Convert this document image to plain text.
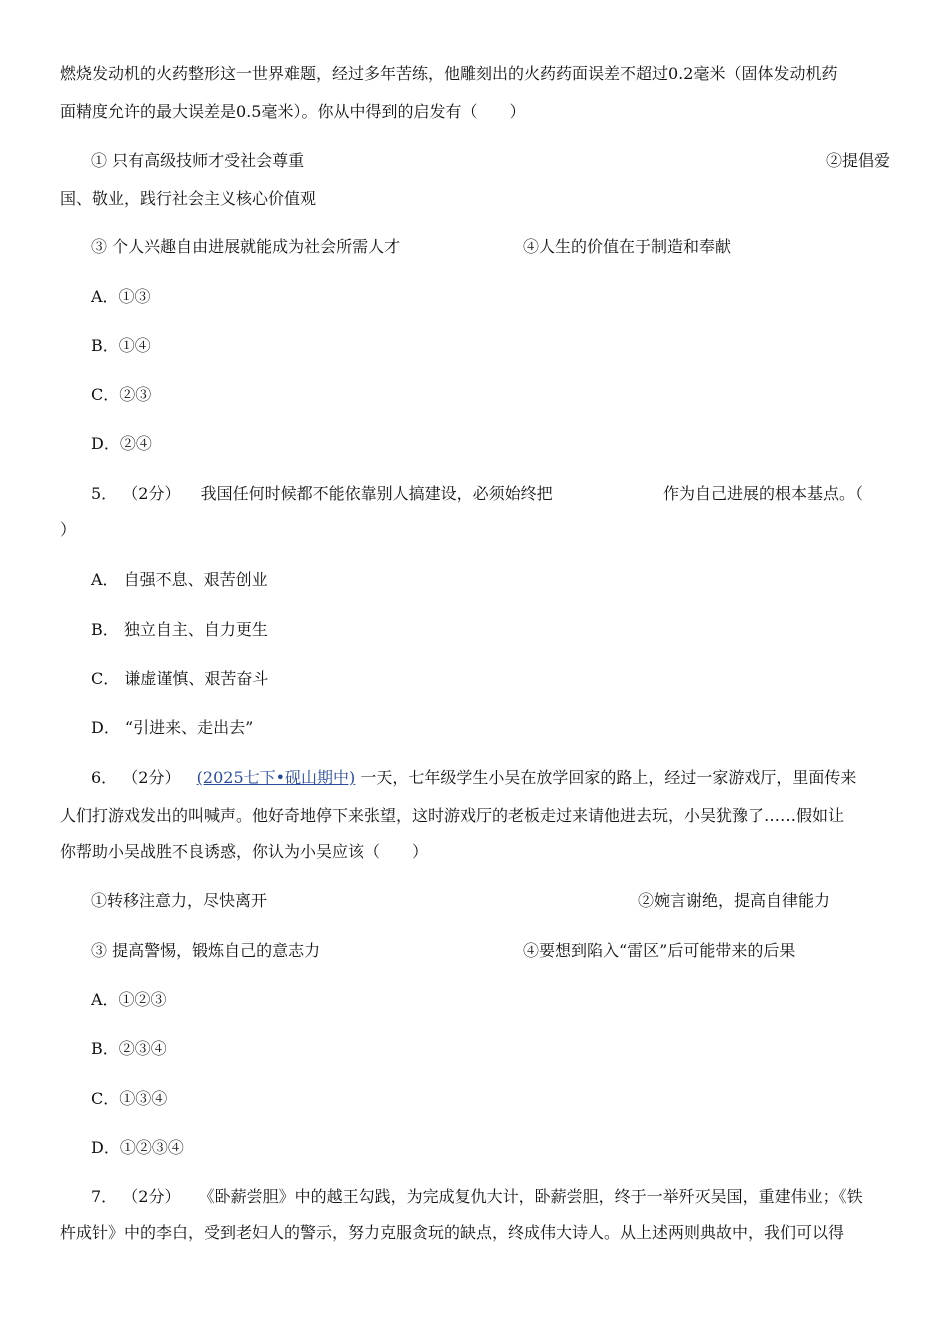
燃烧发动机的火药整形这一世界难题，经过多年苦练，他雕刻出的火药药面误差不超过0.2毫米（固体发动机药
面精度允许的最大误差是0.5毫米）。你从中得到的启发有（　　）
① 只有高级技师才受社会尊重	②提倡爱
国、敬业，践行社会主义核心价值观
③ 个人兴趣自由进展就能成为社会所需人才	④人生的价值在于制造和奉献
A．①③
B．①④
C．②③
D．②④
5． （2分） 我国任何时候都不能依靠别人搞建设，必须始终把	作为自己进展的根本基点。（
）
A． 自强不息、艰苦创业
B． 独立自主、自力更生
C． 谦虚谨慎、艰苦奋斗
D． “引进来、走出去”
6． （2分） (2025七下•砚山期中) 一天，七年级学生小吴在放学回家的路上，经过一家游戏厅，里面传来
人们打游戏发出的叫喊声。他好奇地停下来张望，这时游戏厅的老板走过来请他进去玩，小吴犹豫了……假如让
你帮助小吴战胜不良诱惑，你认为小吴应该（　　）
①转移注意力，尽快离开	②婉言谢绝，提高自律能力
③ 提高警惕，锻炼自己的意志力	④要想到陷入“雷区”后可能带来的后果
A．①②③
B．②③④
C．①③④
D．①②③④
7． （2分） 《卧薪尝胆》中的越王勾践，为完成复仇大计，卧薪尝胆，终于一举歼灭吴国，重建伟业；《铁
杵成针》中的李白，受到老妇人的警示，努力克服贪玩的缺点，终成伟大诗人。从上述两则典故中，我们可以得
